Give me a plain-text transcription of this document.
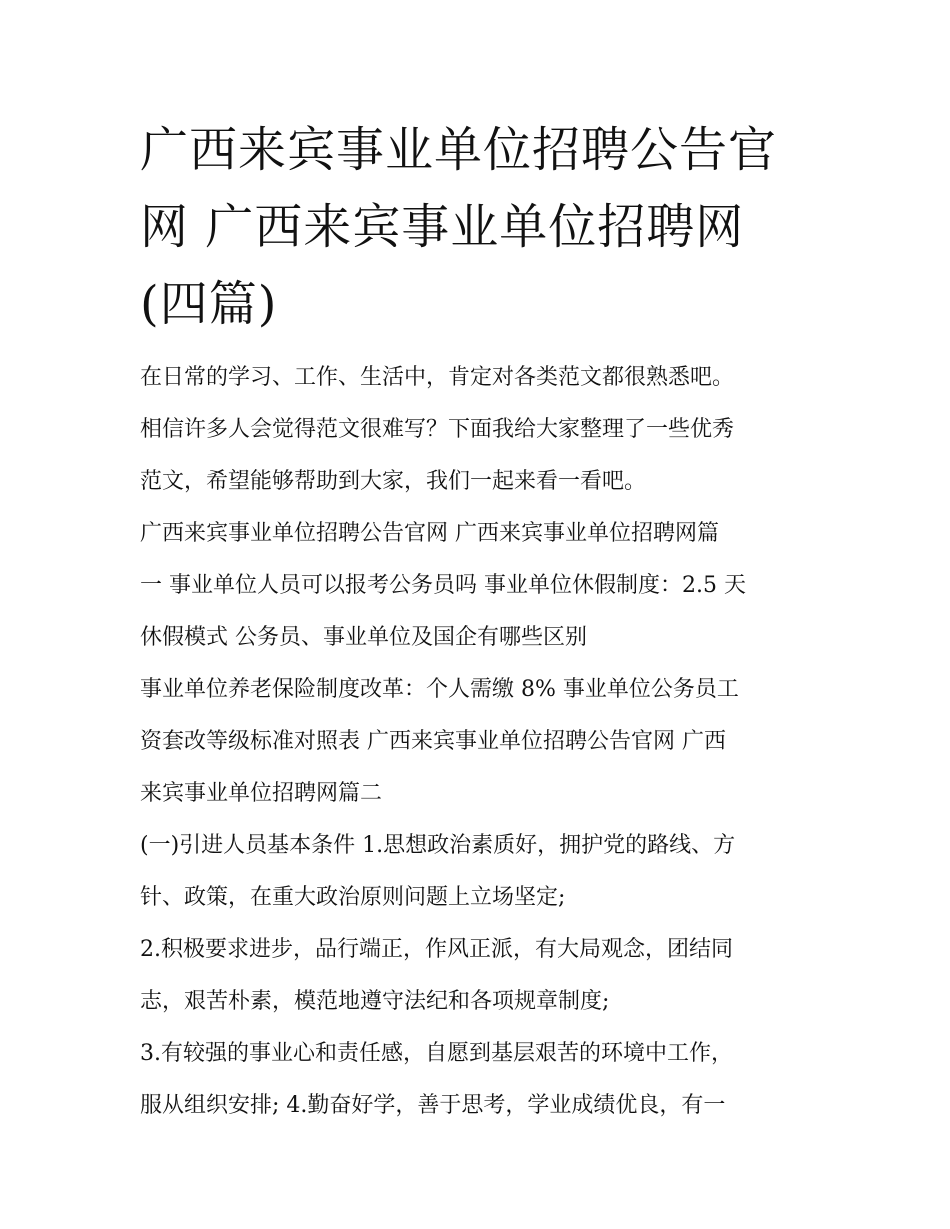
广西来宾事业单位招聘公告官
网 广西来宾事业单位招聘网
(四篇)

在日常的学习、工作、生活中，肯定对各类范文都很熟悉吧。
相信许多人会觉得范文很难写？下面我给大家整理了一些优秀
范文，希望能够帮助到大家，我们一起来看一看吧。

广西来宾事业单位招聘公告官网 广西来宾事业单位招聘网篇
一 事业单位人员可以报考公务员吗 事业单位休假制度：2.5 天
休假模式 公务员、事业单位及国企有哪些区别

事业单位养老保险制度改革：个人需缴 8% 事业单位公务员工
资套改等级标准对照表 广西来宾事业单位招聘公告官网 广西
来宾事业单位招聘网篇二

(一)引进人员基本条件 1.思想政治素质好，拥护党的路线、方
针、政策，在重大政治原则问题上立场坚定;

2.积极要求进步，品行端正，作风正派，有大局观念，团结同
志，艰苦朴素，模范地遵守法纪和各项规章制度;

3.有较强的事业心和责任感，自愿到基层艰苦的环境中工作，
服从组织安排; 4.勤奋好学，善于思考，学业成绩优良，有一
